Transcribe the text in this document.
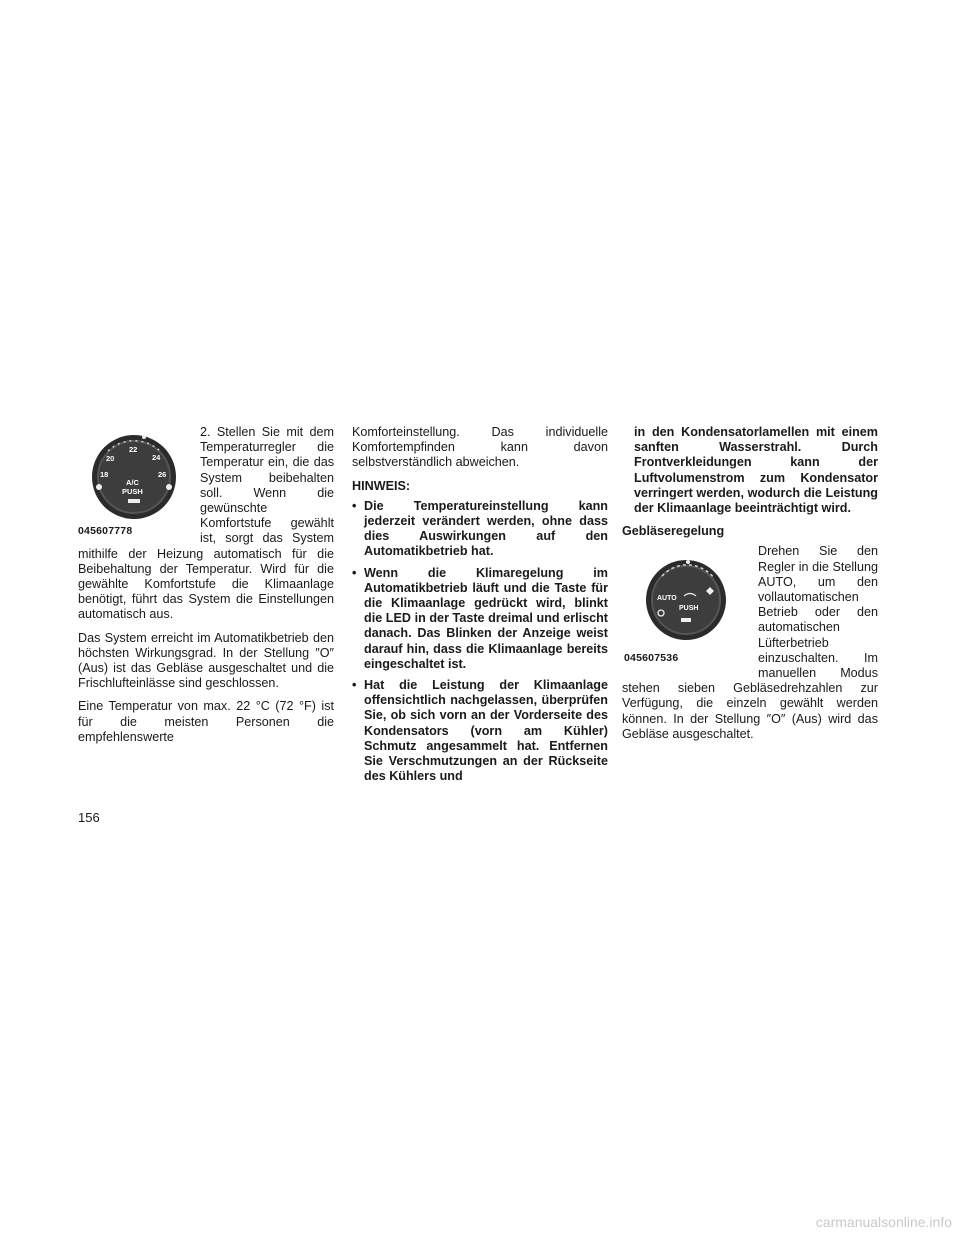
18
20
22
24
26
A/C
PUSH
045607778

2. Stellen Sie mit dem Temperaturregler die Temperatur ein, die das System beibehalten soll. Wenn die gewünschte Komfortstufe gewählt ist, sorgt das System mithilfe der Heizung automatisch für die Beibehaltung der Temperatur. Wird für die gewählte Komfortstufe die Klimaanlage benötigt, führt das System die Einstellungen automatisch aus.

Das System erreicht im Automatikbetrieb den höchsten Wirkungsgrad. In der Stellung ″O″ (Aus) ist das Gebläse ausgeschaltet und die Frischlufteinlässe sind geschlossen.

Eine Temperatur von max. 22 °C (72 °F) ist für die meisten Personen die empfehlenswerte

Komforteinstellung. Das individuelle Komfortempfinden kann davon selbstverständlich abweichen.

HINWEIS:
• Die Temperatureinstellung kann jederzeit verändert werden, ohne dass dies Auswirkungen auf den Automatikbetrieb hat.
• Wenn die Klimaregelung im Automatikbetrieb läuft und die Taste für die Klimaanlage gedrückt wird, blinkt die LED in der Taste dreimal und erlischt danach. Das Blinken der Anzeige weist darauf hin, dass die Klimaanlage bereits eingeschaltet ist.
• Hat die Leistung der Klimaanlage offensichtlich nachgelassen, überprüfen Sie, ob sich vorn an der Vorderseite des Kondensators (vorn am Kühler) Schmutz angesammelt hat. Entfernen Sie Verschmutzungen an der Rückseite des Kühlers und

in den Kondensatorlamellen mit einem sanften Wasserstrahl. Durch Frontverkleidungen kann der Luftvolumenstrom zum Kondensator verringert werden, wodurch die Leistung der Klimaanlage beeinträchtigt wird.

Gebläseregelung
AUTO
PUSH
045607536

Drehen Sie den Regler in die Stellung AUTO, um den vollautomatischen Betrieb oder den automatischen Lüfterbetrieb einzuschalten. Im manuellen Modus stehen sieben Gebläsedrehzahlen zur Verfügung, die einzeln gewählt werden können. In der Stellung ″O″ (Aus) wird das Gebläse ausgeschaltet.

156
carmanualsonline.info
